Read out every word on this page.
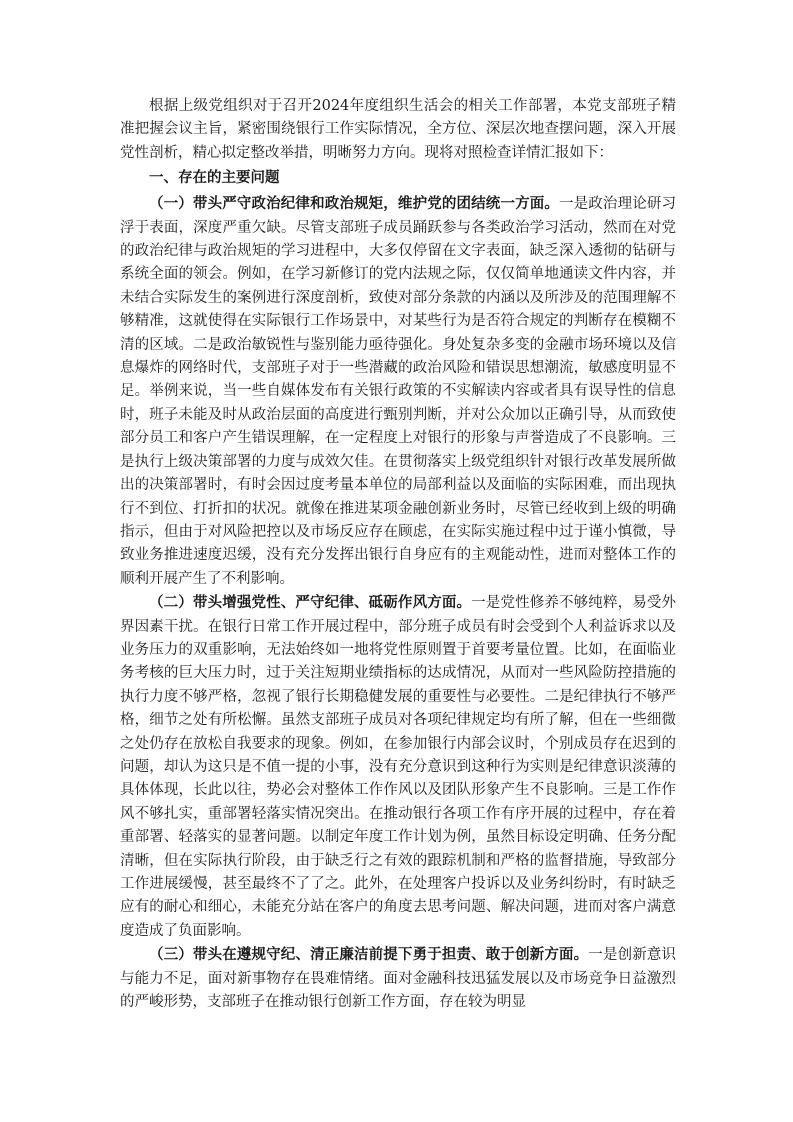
根据上级党组织对于召开2024年度组织生活会的相关工作部署，本党支部班子精准把握会议主旨，紧密围绕银行工作实际情况，全方位、深层次地查摆问题，深入开展党性剖析，精心拟定整改举措，明晰努力方向。现将对照检查详情汇报如下：

一、存在的主要问题

（一）带头严守政治纪律和政治规矩，维护党的团结统一方面。一是政治理论研习浮于表面，深度严重欠缺。尽管支部班子成员踊跃参与各类政治学习活动，然而在对党的政治纪律与政治规矩的学习进程中，大多仅停留在文字表面，缺乏深入透彻的钻研与系统全面的领会。例如，在学习新修订的党内法规之际，仅仅简单地通读文件内容，并未结合实际发生的案例进行深度剖析，致使对部分条款的内涵以及所涉及的范围理解不够精准，这就使得在实际银行工作场景中，对某些行为是否符合规定的判断存在模糊不清的区域。二是政治敏锐性与鉴别能力亟待强化。身处复杂多变的金融市场环境以及信息爆炸的网络时代，支部班子对于一些潜藏的政治风险和错误思想潮流，敏感度明显不足。举例来说，当一些自媒体发布有关银行政策的不实解读内容或者具有误导性的信息时，班子未能及时从政治层面的高度进行甄别判断，并对公众加以正确引导，从而致使部分员工和客户产生错误理解，在一定程度上对银行的形象与声誉造成了不良影响。三是执行上级决策部署的力度与成效欠佳。在贯彻落实上级党组织针对银行改革发展所做出的决策部署时，有时会因过度考量本单位的局部利益以及面临的实际困难，而出现执行不到位、打折扣的状况。就像在推进某项金融创新业务时，尽管已经收到上级的明确指示，但由于对风险把控以及市场反应存在顾虑，在实际实施过程中过于谨小慎微，导致业务推进速度迟缓，没有充分发挥出银行自身应有的主观能动性，进而对整体工作的顺利开展产生了不利影响。

（二）带头增强党性、严守纪律、砥砺作风方面。一是党性修养不够纯粹，易受外界因素干扰。在银行日常工作开展过程中，部分班子成员有时会受到个人利益诉求以及业务压力的双重影响，无法始终如一地将党性原则置于首要考量位置。比如，在面临业务考核的巨大压力时，过于关注短期业绩指标的达成情况，从而对一些风险防控措施的执行力度不够严格，忽视了银行长期稳健发展的重要性与必要性。二是纪律执行不够严格，细节之处有所松懈。虽然支部班子成员对各项纪律规定均有所了解，但在一些细微之处仍存在放松自我要求的现象。例如，在参加银行内部会议时，个别成员存在迟到的问题，却认为这只是不值一提的小事，没有充分意识到这种行为实则是纪律意识淡薄的具体体现，长此以往，势必会对整体工作作风以及团队形象产生不良影响。三是工作作风不够扎实，重部署轻落实情况突出。在推动银行各项工作有序开展的过程中，存在着重部署、轻落实的显著问题。以制定年度工作计划为例，虽然目标设定明确、任务分配清晰，但在实际执行阶段，由于缺乏行之有效的跟踪机制和严格的监督措施，导致部分工作进展缓慢，甚至最终不了了之。此外，在处理客户投诉以及业务纠纷时，有时缺乏应有的耐心和细心，未能充分站在客户的角度去思考问题、解决问题，进而对客户满意度造成了负面影响。

（三）带头在遵规守纪、清正廉洁前提下勇于担责、敢于创新方面。一是创新意识与能力不足，面对新事物存在畏难情绪。面对金融科技迅猛发展以及市场竞争日益激烈的严峻形势，支部班子在推动银行创新工作方面，存在较为明显
